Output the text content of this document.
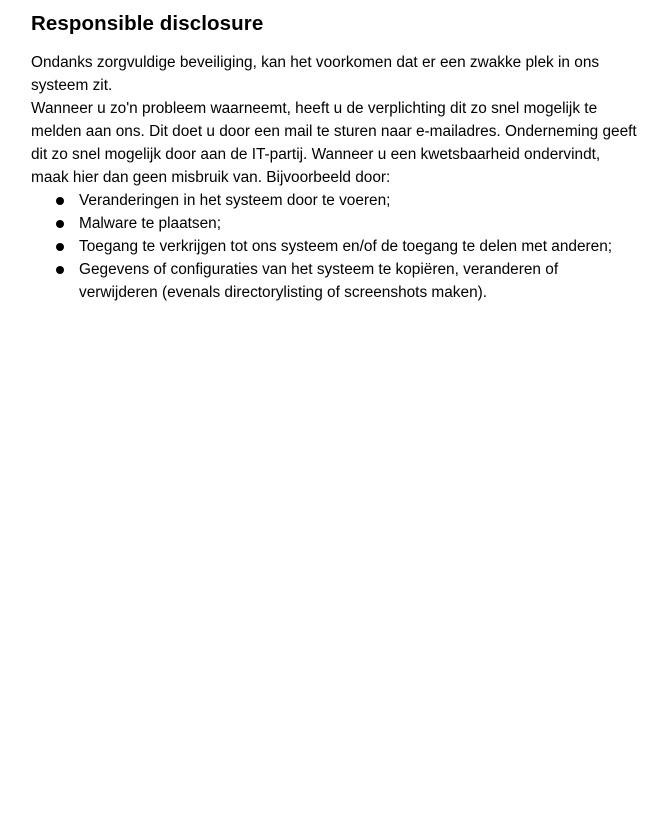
Responsible disclosure

Ondanks zorgvuldige beveiliging, kan het voorkomen dat er een zwakke plek in ons systeem zit.

Wanneer u zo'n probleem waarneemt, heeft u de verplichting dit zo snel mogelijk te melden aan ons. Dit doet u door een mail te sturen naar e-mailadres. Onderneming geeft dit zo snel mogelijk door aan de IT-partij. Wanneer u een kwetsbaarheid ondervindt, maak hier dan geen misbruik van. Bijvoorbeeld door:

Veranderingen in het systeem door te voeren;
Malware te plaatsen;
Toegang te verkrijgen tot ons systeem en/of de toegang te delen met anderen;
Gegevens of configuraties van het systeem te kopiëren, veranderen of verwijderen (evenals directorylisting of screenshots maken).
